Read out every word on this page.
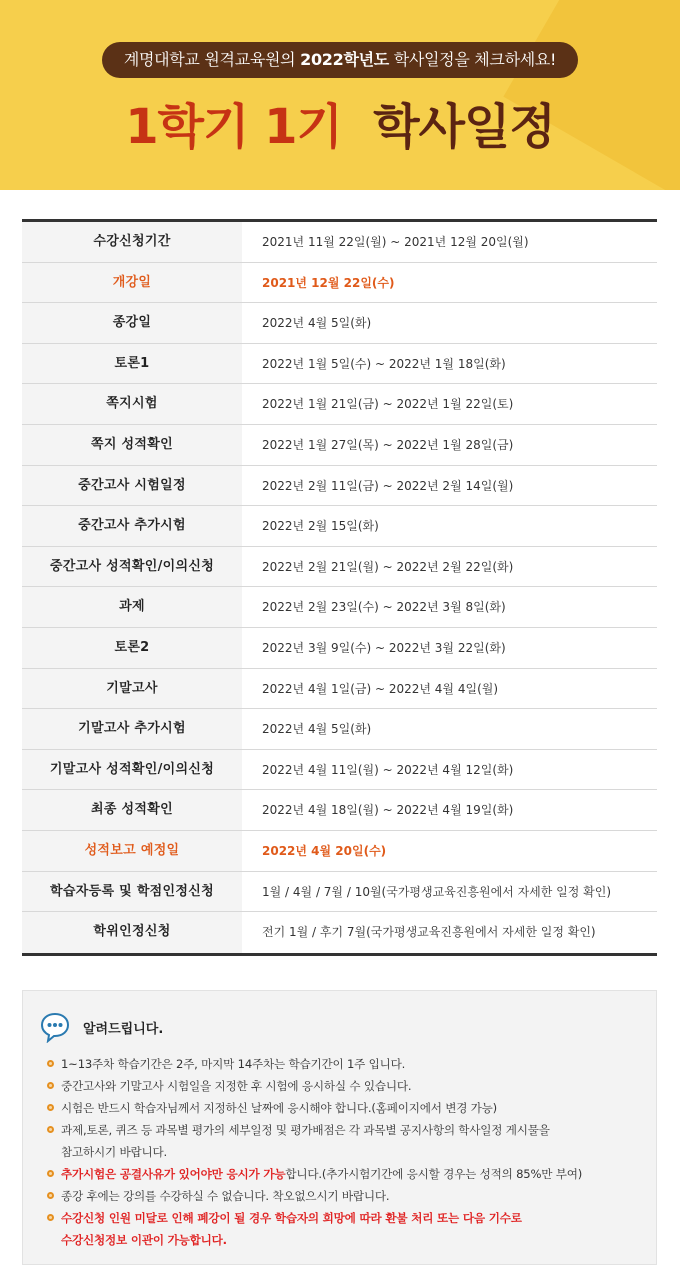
계명대학교 원격교육원의 2022학년도 학사일정을 체크하세요!
1학기 1기 학사일정
수강신청기간	2021년 11월 22일(월) ~ 2021년 12월 20일(월)
개강일	2021년 12월 22일(수)
종강일	2022년 4월 5일(화)
토론1	2022년 1월 5일(수) ~ 2022년 1월 18일(화)
쪽지시험	2022년 1월 21일(금) ~ 2022년 1월 22일(토)
쪽지 성적확인	2022년 1월 27일(목) ~ 2022년 1월 28일(금)
중간고사 시험일정	2022년 2월 11일(금) ~ 2022년 2월 14일(월)
중간고사 추가시험	2022년 2월 15일(화)
중간고사 성적확인/이의신청	2022년 2월 21일(월) ~ 2022년 2월 22일(화)
과제	2022년 2월 23일(수) ~ 2022년 3월 8일(화)
토론2	2022년 3월 9일(수) ~ 2022년 3월 22일(화)
기말고사	2022년 4월 1일(금) ~ 2022년 4월 4일(월)
기말고사 추가시험	2022년 4월 5일(화)
기말고사 성적확인/이의신청	2022년 4월 11일(월) ~ 2022년 4월 12일(화)
최종 성적확인	2022년 4월 18일(월) ~ 2022년 4월 19일(화)
성적보고 예정일	2022년 4월 20일(수)
학습자등록 및 학점인정신청	1월 / 4월 / 7월 / 10월(국가평생교육진흥원에서 자세한 일정 확인)
학위인정신청	전기 1월 / 후기 7월(국가평생교육진흥원에서 자세한 일정 확인)
알려드립니다.
1~13주차 학습기간은 2주, 마지막 14주차는 학습기간이 1주 입니다.
중간고사와 기말고사 시험일을 지정한 후 시험에 응시하실 수 있습니다.
시험은 반드시 학습자님께서 지정하신 날짜에 응시해야 합니다.(홈페이지에서 변경 가능)
과제,토론, 퀴즈 등 과목별 평가의 세부일정 및 평가배점은 각 과목별 공지사항의 학사일정 게시물을
참고하시기 바랍니다.
추가시험은 공결사유가 있어야만 응시가 가능합니다.(추가시험기간에 응시할 경우는 성적의 85%만 부여)
종강 후에는 강의를 수강하실 수 없습니다. 착오없으시기 바랍니다.
수강신청 인원 미달로 인해 폐강이 될 경우 학습자의 희망에 따라 환불 처리 또는 다음 기수로
수강신청정보 이관이 가능합니다.
